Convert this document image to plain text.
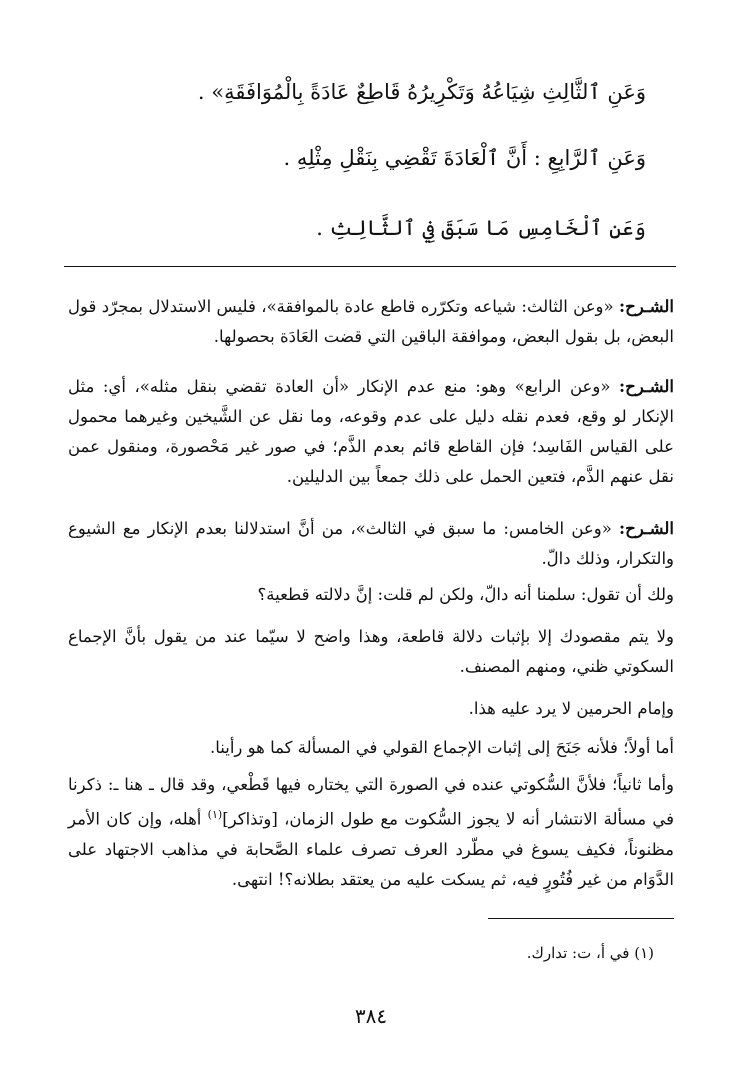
وَعَنِ ٱلثَّالِثِ شِيَاعُهُ وَتَكْرِيرُهُ قَاطِعٌ عَادَةً بِالْمُوَافَقَةِ» .
وَعَنِ ٱلرَّابِعِ : أَنَّ ٱلْعَادَةَ تَقْضِي بِنَقْلِ مِثْلِهِ .
وَعَنِ ٱلْخَامِسِ مَا سَبَقَ فِي ٱلثَّالِثِ .

الشـرح: «وعن الثالث: شياعه وتكرّره قاطع عادة بالموافقة»، فليس الاستدلال بمجرّد قول البعض، بل بقول البعض، وموافقة الباقين التي قضت العَادَة بحصولها.

الشـرح: «وعن الرابع» وهو: منع عدم الإنكار «أن العادة تقضي بنقل مثله»، أي: مثل الإنكار لو وقع، فعدم نقله دليل على عدم وقوعه، وما نقل عن الشَّيخين وغيرهما محمول على القياس الفَاسِد؛ فإن القاطع قائم بعدم الذَّم؛ في صور غير مَحْصورة، ومنقول عمن نقل عنهم الذَّم، فتعين الحمل على ذلك جمعاً بين الدليلين.

الشـرح: «وعن الخامس: ما سبق في الثالث»، من أنَّ استدلالنا بعدم الإنكار مع الشيوع والتكرار، وذلك دالّ.

ولك أن تقول: سلمنا أنه دالّ، ولكن لم قلت: إنَّ دلالته قطعية؟

ولا يتم مقصودك إلا بإثبات دلالة قاطعة، وهذا واضح لا سيّما عند من يقول بأنَّ الإجماع السكوتي ظني، ومنهم المصنف.

وإمام الحرمين لا يرد عليه هذا.

أما أولاً؛ فلأنه جَنَحَ إلى إثبات الإجماع القولي في المسألة كما هو رأينا.

وأما ثانياً؛ فلأنَّ السُّكوتي عنده في الصورة التي يختاره فيها قَطْعي، وقد قال ـ هنا ـ: ذكرنا في مسألة الانتشار أنه لا يجوز السُّكوت مع طول الزمان، [وتذاكر]$^{(١)}$ أهله، وإن كان الأمر مظنوناً، فكيف يسوغ في مطّرد العرف تصرف علماء الصَّحابة في مذاهب الاجتهاد على الدَّوَام من غير فُتُورٍ فيه، ثم يسكت عليه من يعتقد بطلانه؟! انتهى.

(١) في أ، ت: تدارك.
٣٨٤
